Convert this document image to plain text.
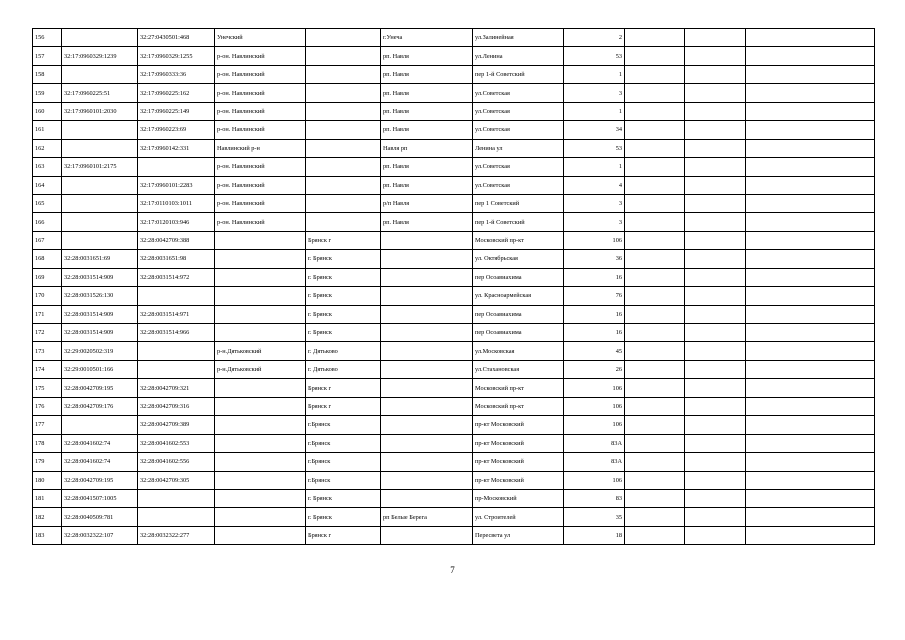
156		32:27:0430501:468	Унечский		г.Унеча	ул.Залинейная	2			
157	32:17:0960329:1239	32:17:0960329:1255	р-он. Навлинский		рп. Навля	ул.Ленина	53			
158		32:17:0960333:36	р-он. Навлинский		рп. Навля	пер 1-й Советский	1			
159	32:17:0960225:51	32:17:0960225:162	р-он. Навлинский		рп. Навля	ул.Советская	3			
160	32:17:0960101:2030	32:17:0960225:149	р-он. Навлинский		рп. Навля	ул.Советская	1			
161		32:17:0960223:69	р-он. Навлинский		рп. Навля	ул.Советская	34			
162		32:17:0960142:331	Навлинский р-н		Навля рп	Ленина ул	53			
163	32:17:0960101:2175		р-он. Навлинский		рп. Навля	ул.Советская	1			
164		32:17:0960101:2283	р-он. Навлинский		рп. Навля	ул.Советская	4			
165		32:17:0110103:1011	р-он. Навлинский		р/п Навля	пер 1 Советский	3			
166		32:17:0120103:946	р-он. Навлинский		рп. Навля	пер 1-й Советский	3			
167		32:28:0042709:388		Брянск г		Московский пр-кт	106			
168	32:28:0031651:69	32:28:0031651:98		г. Брянск		ул. Октябрьская	36			
169	32:28:0031514:909	32:28:0031514:972		г. Брянск		пер Осоавиахима	16			
170	32:28:0031526:130			г. Брянск		ул. Красноармейская	76			
171	32:28:0031514:909	32:28:0031514:971		г. Брянск		пер Осоавиахима	16			
172	32:28:0031514:909	32:28:0031514:966		г. Брянск		пер Осоавиахима	16			
173	32:29:0020502:319		р-н.Дятьковский	г. Дятьково		ул.Московская	45			
174	32:29:0010501:166		р-н.Дятьковский	г. Дятьково		ул.Стахановская	26			
175	32:28:0042709:195	32:28:0042709:321		Брянск г		Московский пр-кт	106			
176	32:28:0042709:176	32:28:0042709:316		Брянск г		Московский пр-кт	106			
177		32:28:0042709:389		г.Брянск		пр-кт Московский	106			
178	32:28:0041602:74	32:28:0041602:553		г.Брянск		пр-кт Московский	83А			
179	32:28:0041602:74	32:28:0041602:556		г.Брянск		пр-кт Московский	83А			
180	32:28:0042709:195	32:28:0042709:305		г.Брянск		пр-кт Московский	106			
181	32:28:0041507:1005			г. Брянск		пр-Московский	83			
182	32:28:0040509:781			г. Брянск	рп Белые Берега	ул. Строителей	35			
183	32:28:0032322:107	32:28:0032322:277		Брянск г		Пересвета ул	18			
7
